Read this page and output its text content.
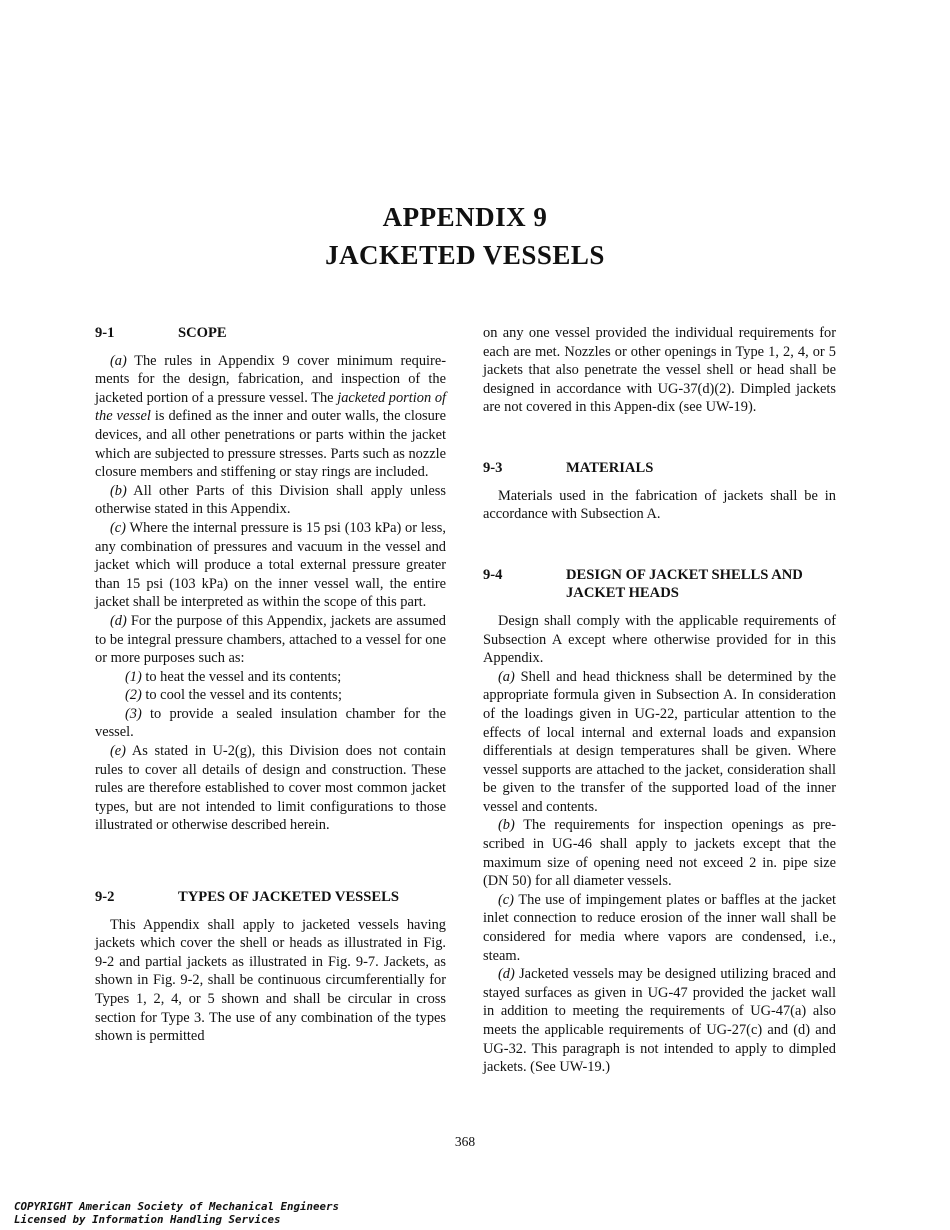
APPENDIX 9
JACKETED VESSELS
9-1	SCOPE

(a) The rules in Appendix 9 cover minimum require-ments for the design, fabrication, and inspection of the jacketed portion of a pressure vessel. The jacketed portion of the vessel is defined as the inner and outer walls, the closure devices, and all other penetrations or parts within the jacket which are subjected to pressure stresses. Parts such as nozzle closure members and stiffening or stay rings are included.

(b) All other Parts of this Division shall apply unless otherwise stated in this Appendix.

(c) Where the internal pressure is 15 psi (103 kPa) or less, any combination of pressures and vacuum in the vessel and jacket which will produce a total external pressure greater than 15 psi (103 kPa) on the inner vessel wall, the entire jacket shall be interpreted as within the scope of this part.

(d) For the purpose of this Appendix, jackets are assumed to be integral pressure chambers, attached to a vessel for one or more purposes such as:

(1) to heat the vessel and its contents;

(2) to cool the vessel and its contents;

(3) to provide a sealed insulation chamber for the vessel.

(e) As stated in U-2(g), this Division does not contain rules to cover all details of design and construction. These rules are therefore established to cover most common jacket types, but are not intended to limit configurations to those illustrated or otherwise described herein.

9-2	TYPES OF JACKETED VESSELS

This Appendix shall apply to jacketed vessels having jackets which cover the shell or heads as illustrated in Fig. 9-2 and partial jackets as illustrated in Fig. 9-7. Jackets, as shown in Fig. 9-2, shall be continuous circumferentially for Types 1, 2, 4, or 5 shown and shall be circular in cross section for Type 3. The use of any combination of the types shown is permitted

on any one vessel provided the individual requirements for each are met. Nozzles or other openings in Type 1, 2, 4, or 5 jackets that also penetrate the vessel shell or head shall be designed in accordance with UG-37(d)(2). Dimpled jackets are not covered in this Appen-dix (see UW-19).

9-3	MATERIALS

Materials used in the fabrication of jackets shall be in accordance with Subsection A.

9-4	DESIGN OF JACKET SHELLS AND JACKET HEADS

Design shall comply with the applicable requirements of Subsection A except where otherwise provided for in this Appendix.

(a) Shell and head thickness shall be determined by the appropriate formula given in Subsection A. In consideration of the loadings given in UG-22, particular attention to the effects of local internal and external loads and expansion differentials at design temperatures shall be given. Where vessel supports are attached to the jacket, consideration shall be given to the transfer of the supported load of the inner vessel and contents.

(b) The requirements for inspection openings as pre-scribed in UG-46 shall apply to jackets except that the maximum size of opening need not exceed 2 in. pipe size (DN 50) for all diameter vessels.

(c) The use of impingement plates or baffles at the jacket inlet connection to reduce erosion of the inner wall shall be considered for media where vapors are condensed, i.e., steam.

(d) Jacketed vessels may be designed utilizing braced and stayed surfaces as given in UG-47 provided the jacket wall in addition to meeting the requirements of UG-47(a) also meets the applicable requirements of UG-27(c) and (d) and UG-32. This paragraph is not intended to apply to dimpled jackets. (See UW-19.)

368
COPYRIGHT American Society of Mechanical Engineers
Licensed by Information Handling Services
